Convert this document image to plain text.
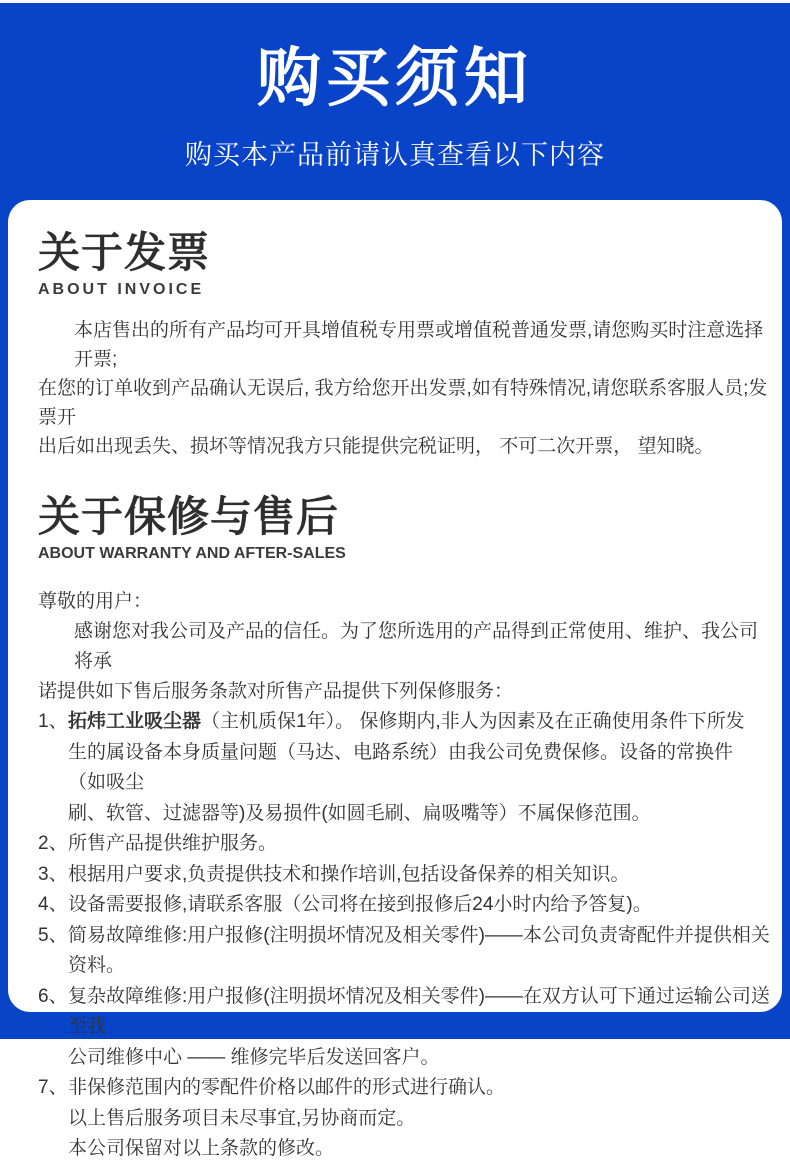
购买须知
购买本产品前请认真查看以下内容
关于发票
ABOUT INVOICE
本店售出的所有产品均可开具增值税专用票或增值税普通发票,请您购买时注意选择开票;
在您的订单收到产品确认无误后, 我方给您开出发票,如有特殊情况,请您联系客服人员;发票开
出后如出现丢失、损坏等情况我方只能提供完税证明， 不可二次开票， 望知晓。
关于保修与售后
ABOUT WARRANTY AND AFTER-SALES
尊敬的用户：
感谢您对我公司及产品的信任。为了您所选用的产品得到正常使用、维护、我公司将承
诺提供如下售后服务条款对所售产品提供下列保修服务：
1、 拓炜工业吸尘器（主机质保1年）。 保修期内,非人为因素及在正确使用条件下所发
生的属设备本身质量问题（马达、电路系统）由我公司免费保修。设备的常换件（如吸尘
刷、软管、过滤器等)及易损件(如圆毛刷、扁吸嘴等）不属保修范围。
2、 所售产品提供维护服务。
3、 根据用户要求,负责提供技术和操作培训,包括设备保养的相关知识。
4、 设备需要报修,请联系客服（公司将在接到报修后24小时内给予答复)。
5、 简易故障维修:用户报修(注明损坏情况及相关零件)——本公司负责寄配件并提供相关资料。
6、 复杂故障维修:用户报修(注明损坏情况及相关零件)——在双方认可下通过运输公司送至我
公司维修中心 —— 维修完毕后发送回客户。
7、 非保修范围内的零配件价格以邮件的形式进行确认。
以上售后服务项目未尽事宜,另协商而定。
本公司保留对以上条款的修改。
